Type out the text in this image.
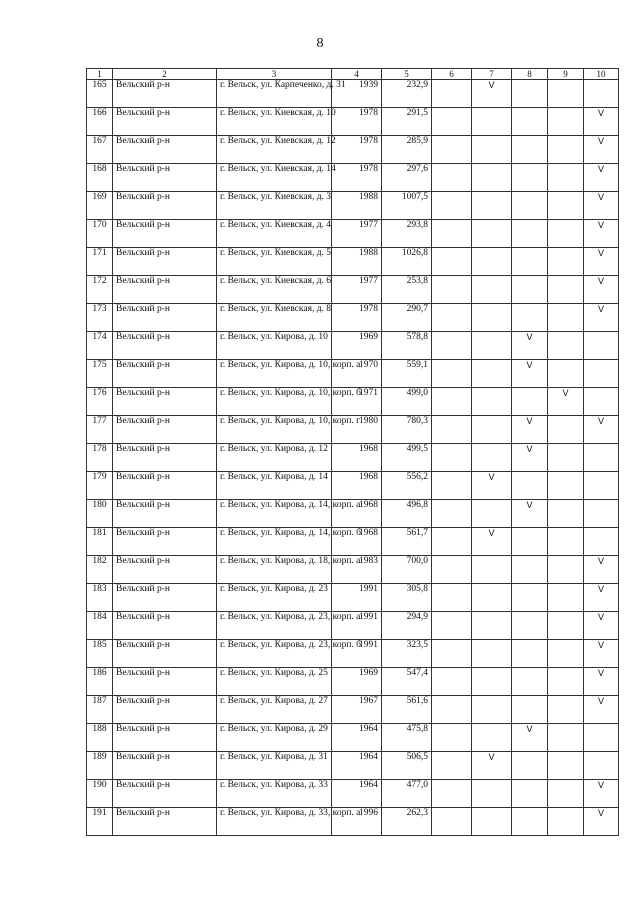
8
1	2	3	4	5	6	7	8	9	10
165	Вельский р-н	г. Вельск, ул. Карпеченко, д. 31	1939	232,9		V			
166	Вельский р-н	г. Вельск, ул. Киевская, д. 10	1978	291,5					V
167	Вельский р-н	г. Вельск, ул. Киевская, д. 12	1978	285,9					V
168	Вельский р-н	г. Вельск, ул. Киевская, д. 14	1978	297,6					V
169	Вельский р-н	г. Вельск, ул. Киевская, д. 3	1988	1007,5					V
170	Вельский р-н	г. Вельск, ул. Киевская, д. 4	1977	293,8					V
171	Вельский р-н	г. Вельск, ул. Киевская, д. 5	1988	1026,8					V
172	Вельский р-н	г. Вельск, ул. Киевская, д. 6	1977	253,8					V
173	Вельский р-н	г. Вельск, ул. Киевская, д. 8	1978	290,7					V
174	Вельский р-н	г. Вельск, ул. Кирова, д. 10	1969	578,8			V		
175	Вельский р-н	г. Вельск, ул. Кирова, д. 10, корп. а	1970	559,1			V		
176	Вельский р-н	г. Вельск, ул. Кирова, д. 10, корп. б	1971	499,0				V	
177	Вельский р-н	г. Вельск, ул. Кирова, д. 10, корп. г	1980	780,3			V		V
178	Вельский р-н	г. Вельск, ул. Кирова, д. 12	1968	499,5			V		
179	Вельский р-н	г. Вельск, ул. Кирова, д. 14	1968	556,2		V			
180	Вельский р-н	г. Вельск, ул. Кирова, д. 14, корп. а	1968	496,8			V		
181	Вельский р-н	г. Вельск, ул. Кирова, д. 14, корп. б	1968	561,7		V			
182	Вельский р-н	г. Вельск, ул. Кирова, д. 18, корп. а	1983	700,0					V
183	Вельский р-н	г. Вельск, ул. Кирова, д. 23	1991	305,8					V
184	Вельский р-н	г. Вельск, ул. Кирова, д. 23, корп. а	1991	294,9					V
185	Вельский р-н	г. Вельск, ул. Кирова, д. 23, корп. б	1991	323,5					V
186	Вельский р-н	г. Вельск, ул. Кирова, д. 25	1969	547,4					V
187	Вельский р-н	г. Вельск, ул. Кирова, д. 27	1967	561,6					V
188	Вельский р-н	г. Вельск, ул. Кирова, д. 29	1964	475,8			V		
189	Вельский р-н	г. Вельск, ул. Кирова, д. 31	1964	506,5		V			
190	Вельский р-н	г. Вельск, ул. Кирова, д. 33	1964	477,0					V
191	Вельский р-н	г. Вельск, ул. Кирова, д. 33, корп. а	1996	262,3					V
